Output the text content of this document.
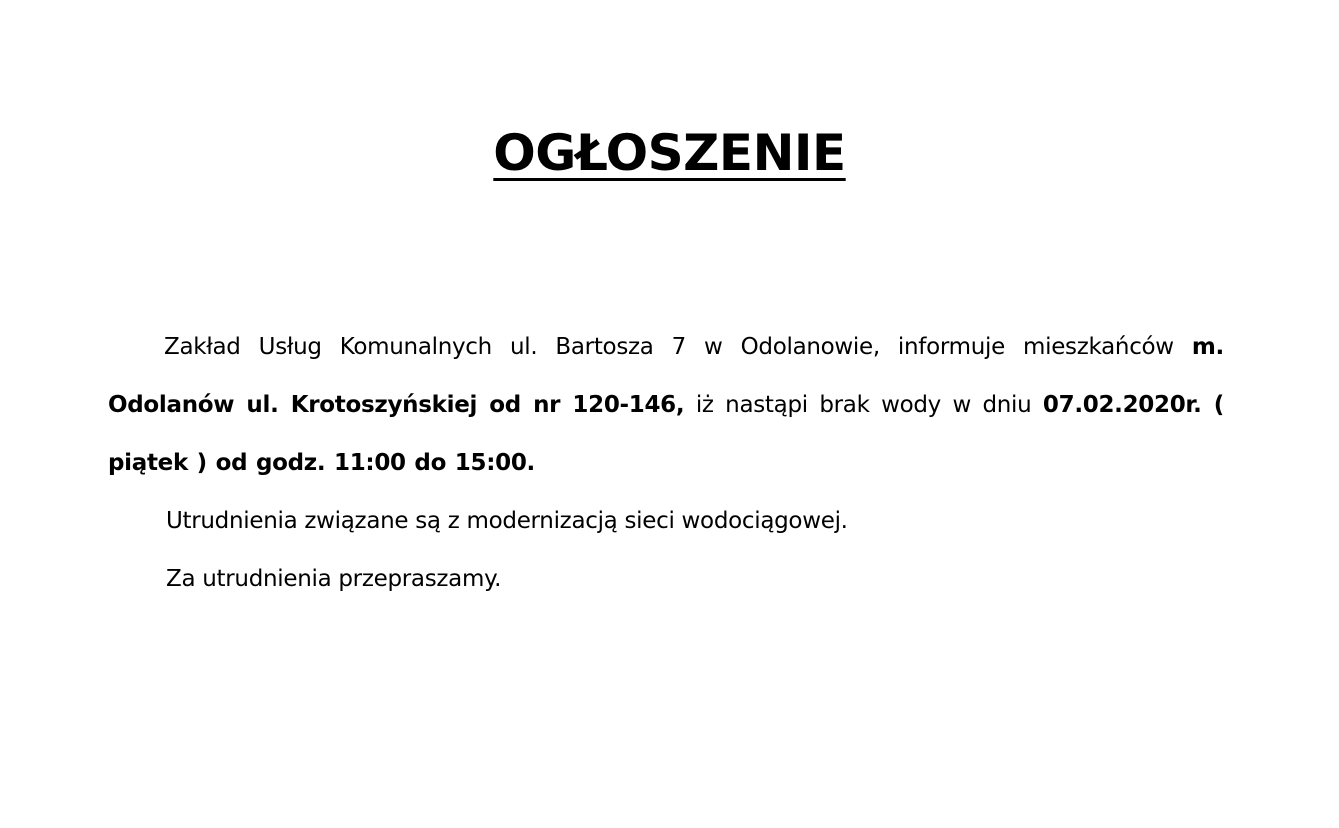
OGŁOSZENIE

Zakład Usług Komunalnych ul. Bartosza 7 w Odolanowie, informuje mieszkańców m. Odolanów ul. Krotoszyńskiej od nr 120-146, iż nastąpi brak wody w dniu 07.02.2020r. ( piątek ) od godz. 11:00 do 15:00.

Utrudnienia związane są z modernizacją sieci wodociągowej.

Za utrudnienia przepraszamy.
